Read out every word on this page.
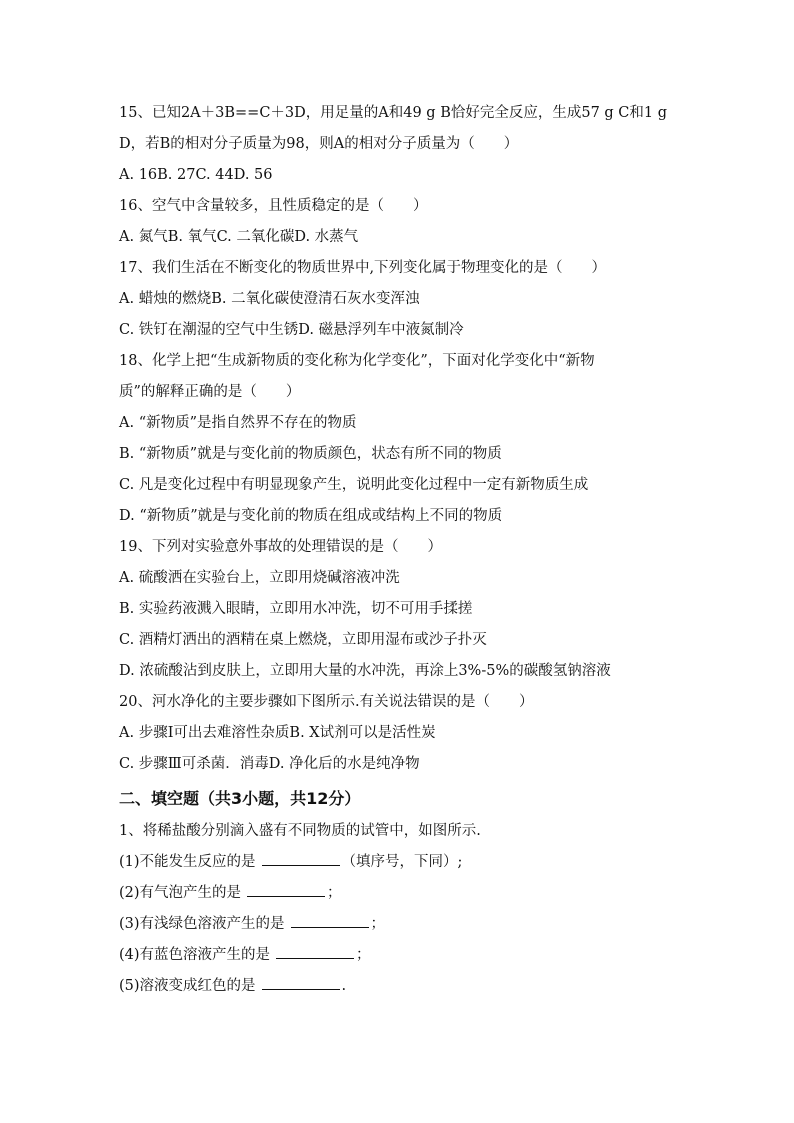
15、已知2A＋3B==C＋3D，用足量的A和49 g B恰好完全反应，生成57 g C和1 g
D，若B的相对分子质量为98，则A的相对分子质量为（　　）
A. 16B. 27C. 44D. 56
16、空气中含量较多，且性质稳定的是（　　）
A. 氮气B. 氧气C. 二氧化碳D. 水蒸气
17、我们生活在不断变化的物质世界中,下列变化属于物理变化的是（　　）
A. 蜡烛的燃烧B. 二氧化碳使澄清石灰水变浑浊
C. 铁钉在潮湿的空气中生锈D. 磁悬浮列车中液氮制冷
18、化学上把“生成新物质的变化称为化学变化”，下面对化学变化中“新物
质”的解释正确的是（　　）
A. “新物质”是指自然界不存在的物质
B. “新物质”就是与变化前的物质颜色，状态有所不同的物质
C. 凡是变化过程中有明显现象产生，说明此变化过程中一定有新物质生成
D. “新物质”就是与变化前的物质在组成或结构上不同的物质
19、下列对实验意外事故的处理错误的是（　　）
A. 硫酸洒在实验台上，立即用烧碱溶液冲洗
B. 实验药液溅入眼睛，立即用水冲洗，切不可用手揉搓
C. 酒精灯洒出的酒精在桌上燃烧，立即用湿布或沙子扑灭
D. 浓硫酸沾到皮肤上，立即用大量的水冲洗，再涂上3%-5%的碳酸氢钠溶液
20、河水净化的主要步骤如下图所示.有关说法错误的是（　　）
A. 步骤Ⅰ可出去难溶性杂质B. X试剂可以是活性炭
C. 步骤Ⅲ可杀菌．消毒D. 净化后的水是纯净物
二、填空题（共3小题，共12分）
1、将稀盐酸分别滴入盛有不同物质的试管中，如图所示.
(1)不能发生反应的是	（填序号，下同）;
(2)有气泡产生的是	；
(3)有浅绿色溶液产生的是	；
(4)有蓝色溶液产生的是	；
(5)溶液变成红色的是	.
